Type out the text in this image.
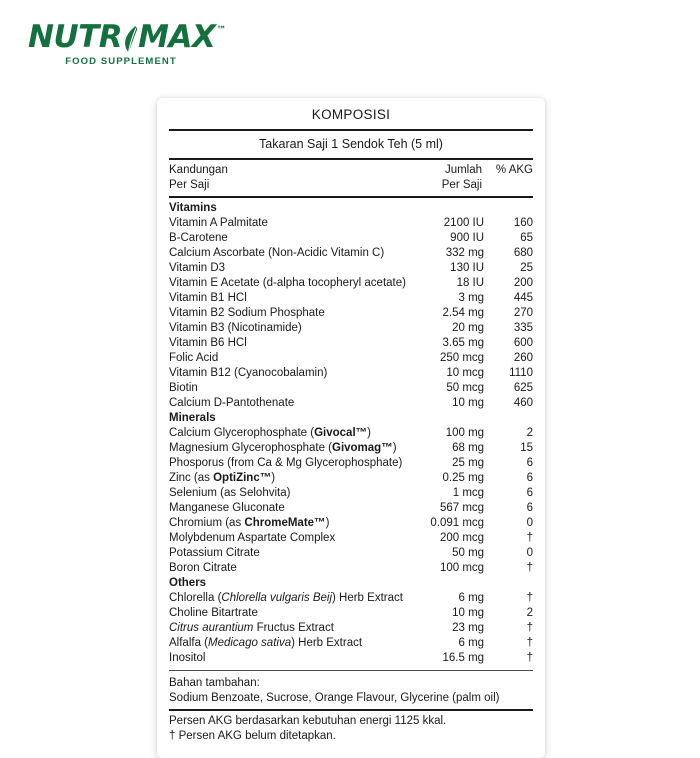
NUTR MAX ™
FOOD SUPPLEMENT
KOMPOSISI
Takaran Saji 1 Sendok Teh (5 ml)
Kandungan	Jumlah	% AKG
Per Saji	Per Saji	
Vitamins		
Vitamin A Palmitate	2100 IU	160
B-Carotene	900 IU	65
Calcium Ascorbate (Non-Acidic Vitamin C)	332 mg	680
Vitamin D3	130 IU	25
Vitamin E Acetate (d-alpha tocopheryl acetate)	18 IU	200
Vitamin B1 HCl	3 mg	445
Vitamin B2 Sodium Phosphate	2.54 mg	270
Vitamin B3 (Nicotinamide)	20 mg	335
Vitamin B6 HCl	3.65 mg	600
Folic Acid	250 mcg	260
Vitamin B12 (Cyanocobalamin)	10 mcg	1110
Biotin	50 mcg	625
Calcium D-Pantothenate	10 mg	460
Minerals		
Calcium Glycerophosphate (Givocal™)	100 mg	2
Magnesium Glycerophosphate (Givomag™)	68 mg	15
Phosporus (from Ca & Mg Glycerophosphate)	25 mg	6
Zinc (as OptiZinc™)	0.25 mg	6
Selenium (as Selohvita)	1 mcg	6
Manganese Gluconate	567 mcg	6
Chromium (as ChromeMate™)	0.091 mcg	0
Molybdenum Aspartate Complex	200 mcg	†
Potassium Citrate	50 mg	0
Boron Citrate	100 mcg	†
Others		
Chlorella (Chlorella vulgaris Beij) Herb Extract	6 mg	†
Choline Bitartrate	10 mg	2
Citrus aurantium Fructus Extract	23 mg	†
Alfalfa (Medicago sativa) Herb Extract	6 mg	†
Inositol	16.5 mg	†
Bahan tambahan:
Sodium Benzoate, Sucrose, Orange Flavour, Glycerine (palm oil)
Persen AKG berdasarkan kebutuhan energi 1125 kkal.
† Persen AKG belum ditetapkan.
